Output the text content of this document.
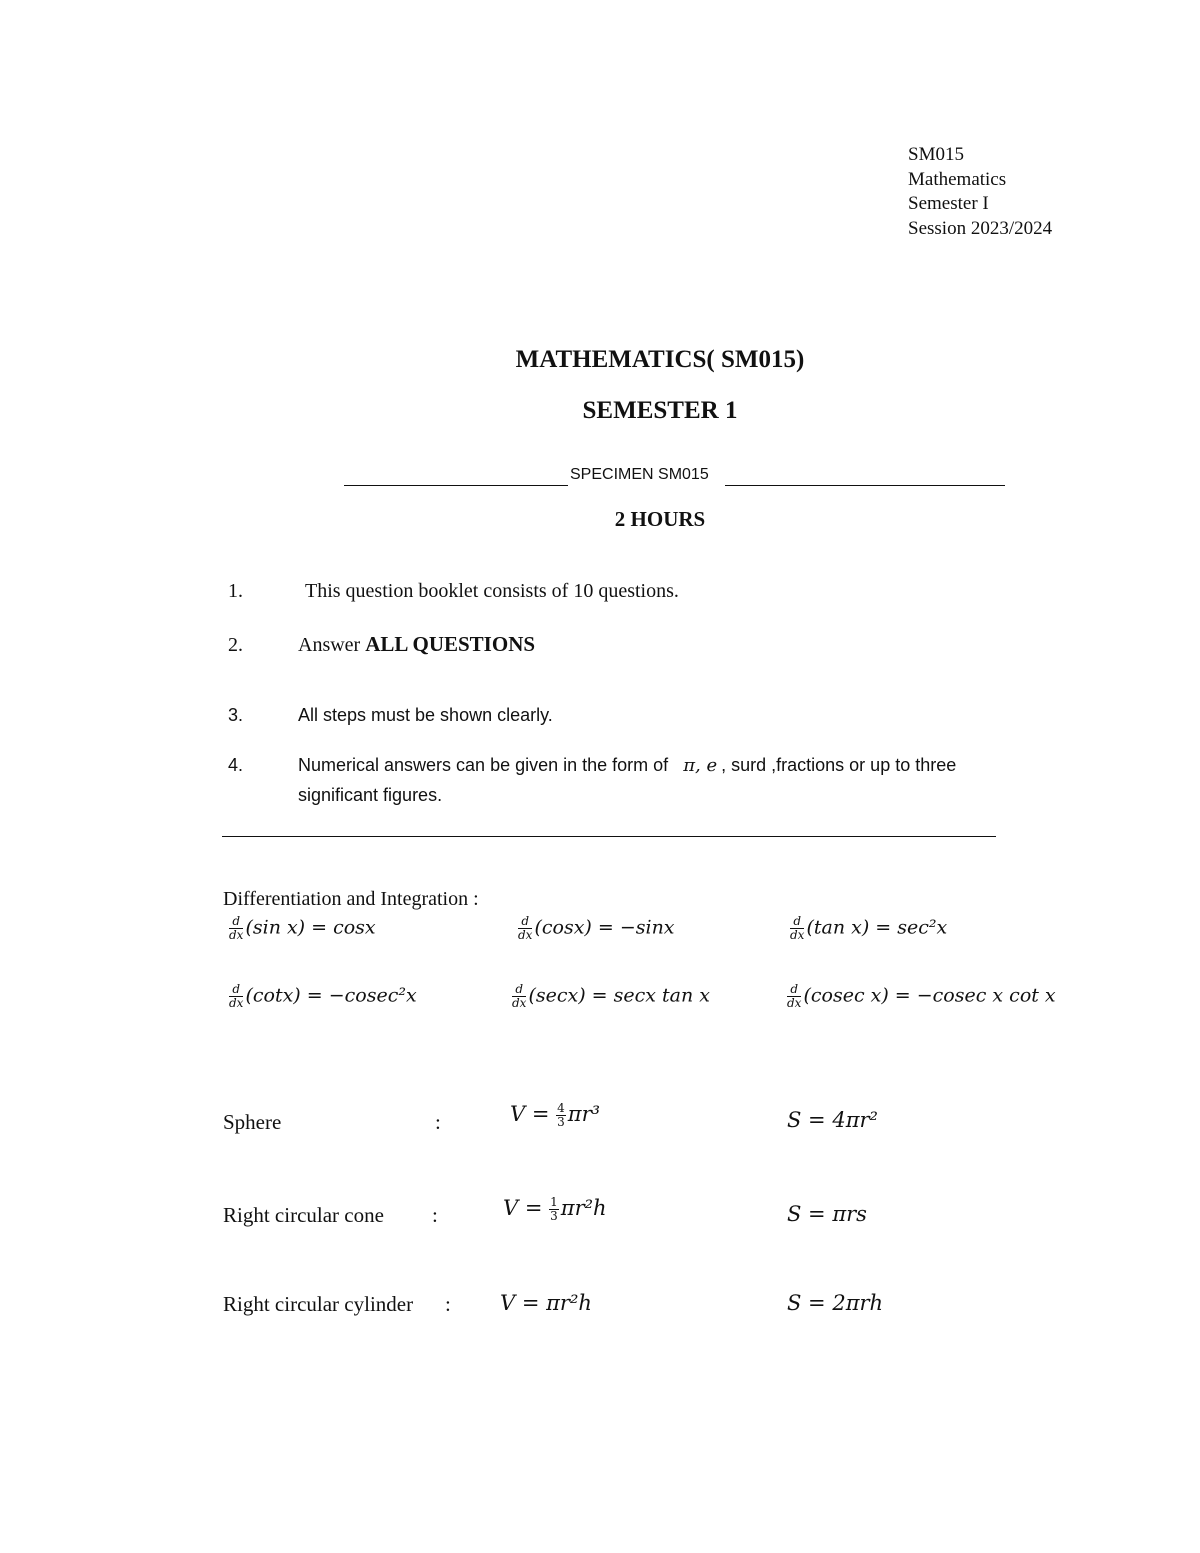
SM015
Mathematics
Semester I
Session 2023/2024
MATHEMATICS( SM015)
SEMESTER 1
SPECIMEN SM015
2 HOURS
1.	This question booklet consists of 10 questions.
2.	Answer ALL QUESTIONS
3.	All steps must be shown clearly.
4.	Numerical answers can be given in the form of π, e , surd ,fractions or up to three
significant figures.
Differentiation and Integration :
$\frac{d}{dx} (\sin$ x) = cosx	$\frac{d}{dx} (\cos x) = -\sin x$	$\frac{d}{dx} (\tan$ x) = sec²x
$\frac{d}{dx} (\cot x) = -cosec^2x$	$\frac{d}{dx} (\sec x) = \sec x$ tan x	$\frac{d}{dx} (cosec$ x) = −cosec x cot x
Sphere	:	$V = \frac{4}{3} \pi r^3$	S = 4πr²
Right circular cone :	$V = \frac{1}{3} \pi r^2h$	S = πrs
Right circular cylinder : V = πr²h	S = 2πrh
